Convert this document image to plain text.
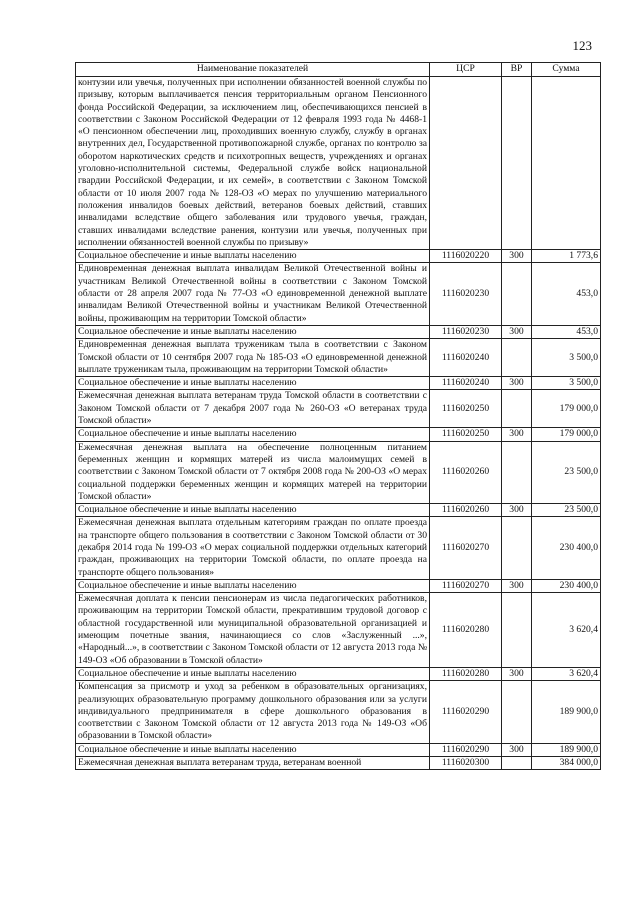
123
Наименование показателей	ЦСР	ВР	Сумма
контузии или увечья, полученных при исполнении обязанностей военной службы по призыву, которым выплачивается пенсия территориальным органом Пенсионного фонда Российской Федерации, за исключением лиц, обеспечивающихся пенсией в соответствии с Законом Российской Федерации от 12 февраля 1993 года № 4468-1 «О пенсионном обеспечении лиц, проходивших военную службу, службу в органах внутренних дел, Государственной противопожарной службе, органах по контролю за оборотом наркотических средств и психотропных веществ, учреждениях и органах уголовно-исполнительной системы, Федеральной службе войск национальной гвардии Российской Федерации, и их семей», в соответствии с Законом Томской области от 10 июля 2007 года № 128-ОЗ «О мерах по улучшению материального положения инвалидов боевых действий, ветеранов боевых действий, ставших инвалидами вследствие общего заболевания или трудового увечья, граждан, ставших инвалидами вследствие ранения, контузии или увечья, полученных при исполнении обязанностей военной службы по призыву»			
Социальное обеспечение и иные выплаты населению	1116020220	300	1 773,6
Единовременная денежная выплата инвалидам Великой Отечественной войны и участникам Великой Отечественной войны в соответствии с Законом Томской области от 28 апреля 2007 года № 77-ОЗ «О единовременной денежной выплате инвалидам Великой Отечественной войны и участникам Великой Отечественной войны, проживающим на территории Томской области»	1116020230		453,0
Социальное обеспечение и иные выплаты населению	1116020230	300	453,0
Единовременная денежная выплата труженикам тыла в соответствии с Законом Томской области от 10 сентября 2007 года № 185-ОЗ «О единовременной денежной выплате труженикам тыла, проживающим на территории Томской области»	1116020240		3 500,0
Социальное обеспечение и иные выплаты населению	1116020240	300	3 500,0
Ежемесячная денежная выплата ветеранам труда Томской области в соответствии с Законом Томской области от 7 декабря 2007 года № 260-ОЗ «О ветеранах труда Томской области»	1116020250		179 000,0
Социальное обеспечение и иные выплаты населению	1116020250	300	179 000,0
Ежемесячная денежная выплата на обеспечение полноценным питанием беременных женщин и кормящих матерей из числа малоимущих семей в соответствии с Законом Томской области от 7 октября 2008 года № 200-ОЗ «О мерах социальной поддержки беременных женщин и кормящих матерей на территории Томской области»	1116020260		23 500,0
Социальное обеспечение и иные выплаты населению	1116020260	300	23 500,0
Ежемесячная денежная выплата отдельным категориям граждан по оплате проезда на транспорте общего пользования в соответствии с Законом Томской области от 30 декабря 2014 года № 199-ОЗ «О мерах социальной поддержки отдельных категорий граждан, проживающих на территории Томской области, по оплате проезда на транспорте общего пользования»	1116020270		230 400,0
Социальное обеспечение и иные выплаты населению	1116020270	300	230 400,0
Ежемесячная доплата к пенсии пенсионерам из числа педагогических работников, проживающим на территории Томской области, прекратившим трудовой договор с областной государственной или муниципальной образовательной организацией и имеющим почетные звания, начинающиеся со слов «Заслуженный ...», «Народный...», в соответствии с Законом Томской области от 12 августа 2013 года № 149-ОЗ «Об образовании в Томской области»	1116020280		3 620,4
Социальное обеспечение и иные выплаты населению	1116020280	300	3 620,4
Компенсация за присмотр и уход за ребенком в образовательных организациях, реализующих образовательную программу дошкольного образования или за услуги индивидуального предпринимателя в сфере дошкольного образования в соответствии с Законом Томской области от 12 августа 2013 года № 149-ОЗ «Об образовании в Томской области»	1116020290		189 900,0
Социальное обеспечение и иные выплаты населению	1116020290	300	189 900,0
Ежемесячная денежная выплата ветеранам труда, ветеранам военной	1116020300		384 000,0
